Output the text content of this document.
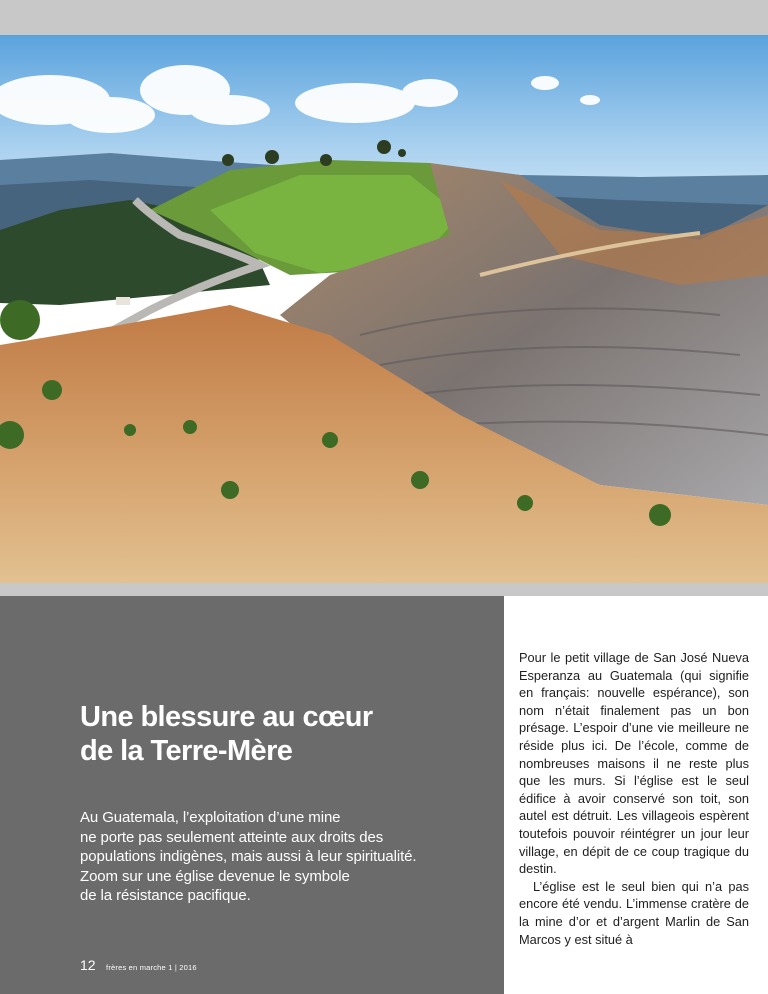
Une blessure au cœur
de la Terre-Mère

Au Guatemala, l’exploitation d’une mine
ne porte pas seulement atteinte aux droits des
populations indigènes, mais aussi à leur spiritualité.
Zoom sur une église devenue le symbole
de la résistance pacifique.

12 frères en marche 1 | 2016

Pour le petit village de San José Nueva Esperanza au Guatemala (qui signifie en français: nouvelle espérance), son nom n’était finalement pas un bon présage. L’espoir d’une vie meilleure ne réside plus ici. De l’école, comme de nombreuses maisons il ne reste plus que les murs. Si l’église est le seul édifice à avoir conservé son toit, son autel est détruit. Les villageois espèrent toutefois pouvoir réintégrer un jour leur village, en dépit de ce coup tragique du destin.

L’église est le seul bien qui n’a pas encore été vendu. L’immense cratère de la mine d’or et d’argent Marlin de San Marcos y est situé à
